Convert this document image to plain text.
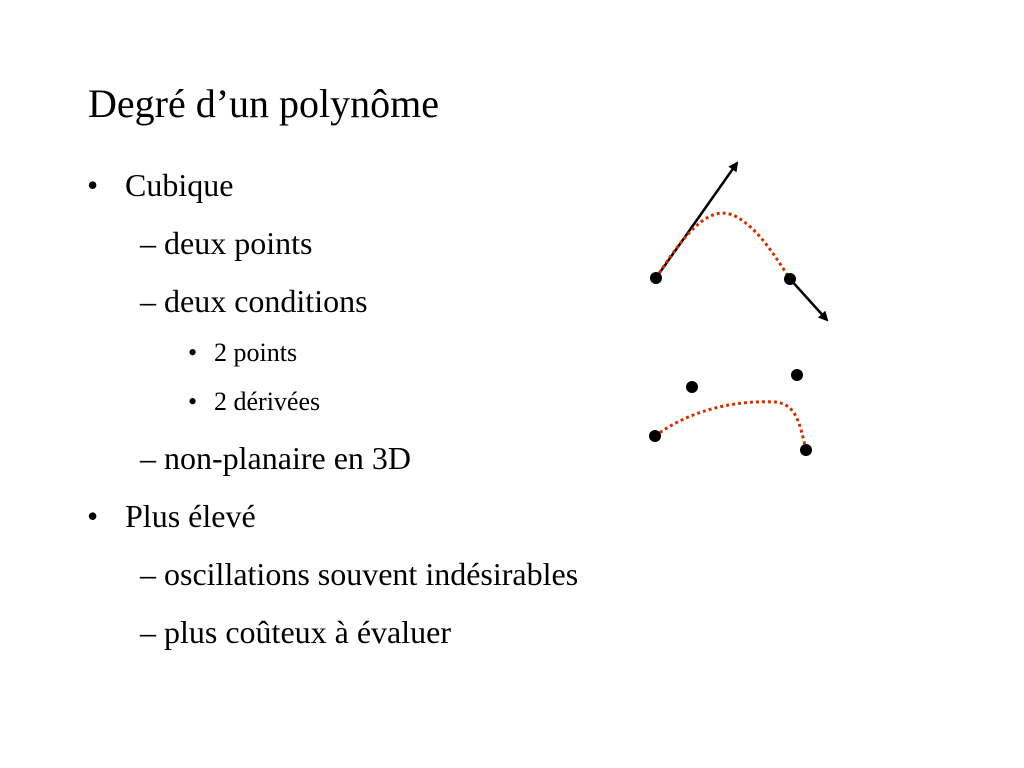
Degré d’un polynôme
• Cubique
– deux points
– deux conditions
• 2 points
• 2 dérivées
– non-planaire en 3D
• Plus élevé
– oscillations souvent indésirables
– plus coûteux à évaluer
